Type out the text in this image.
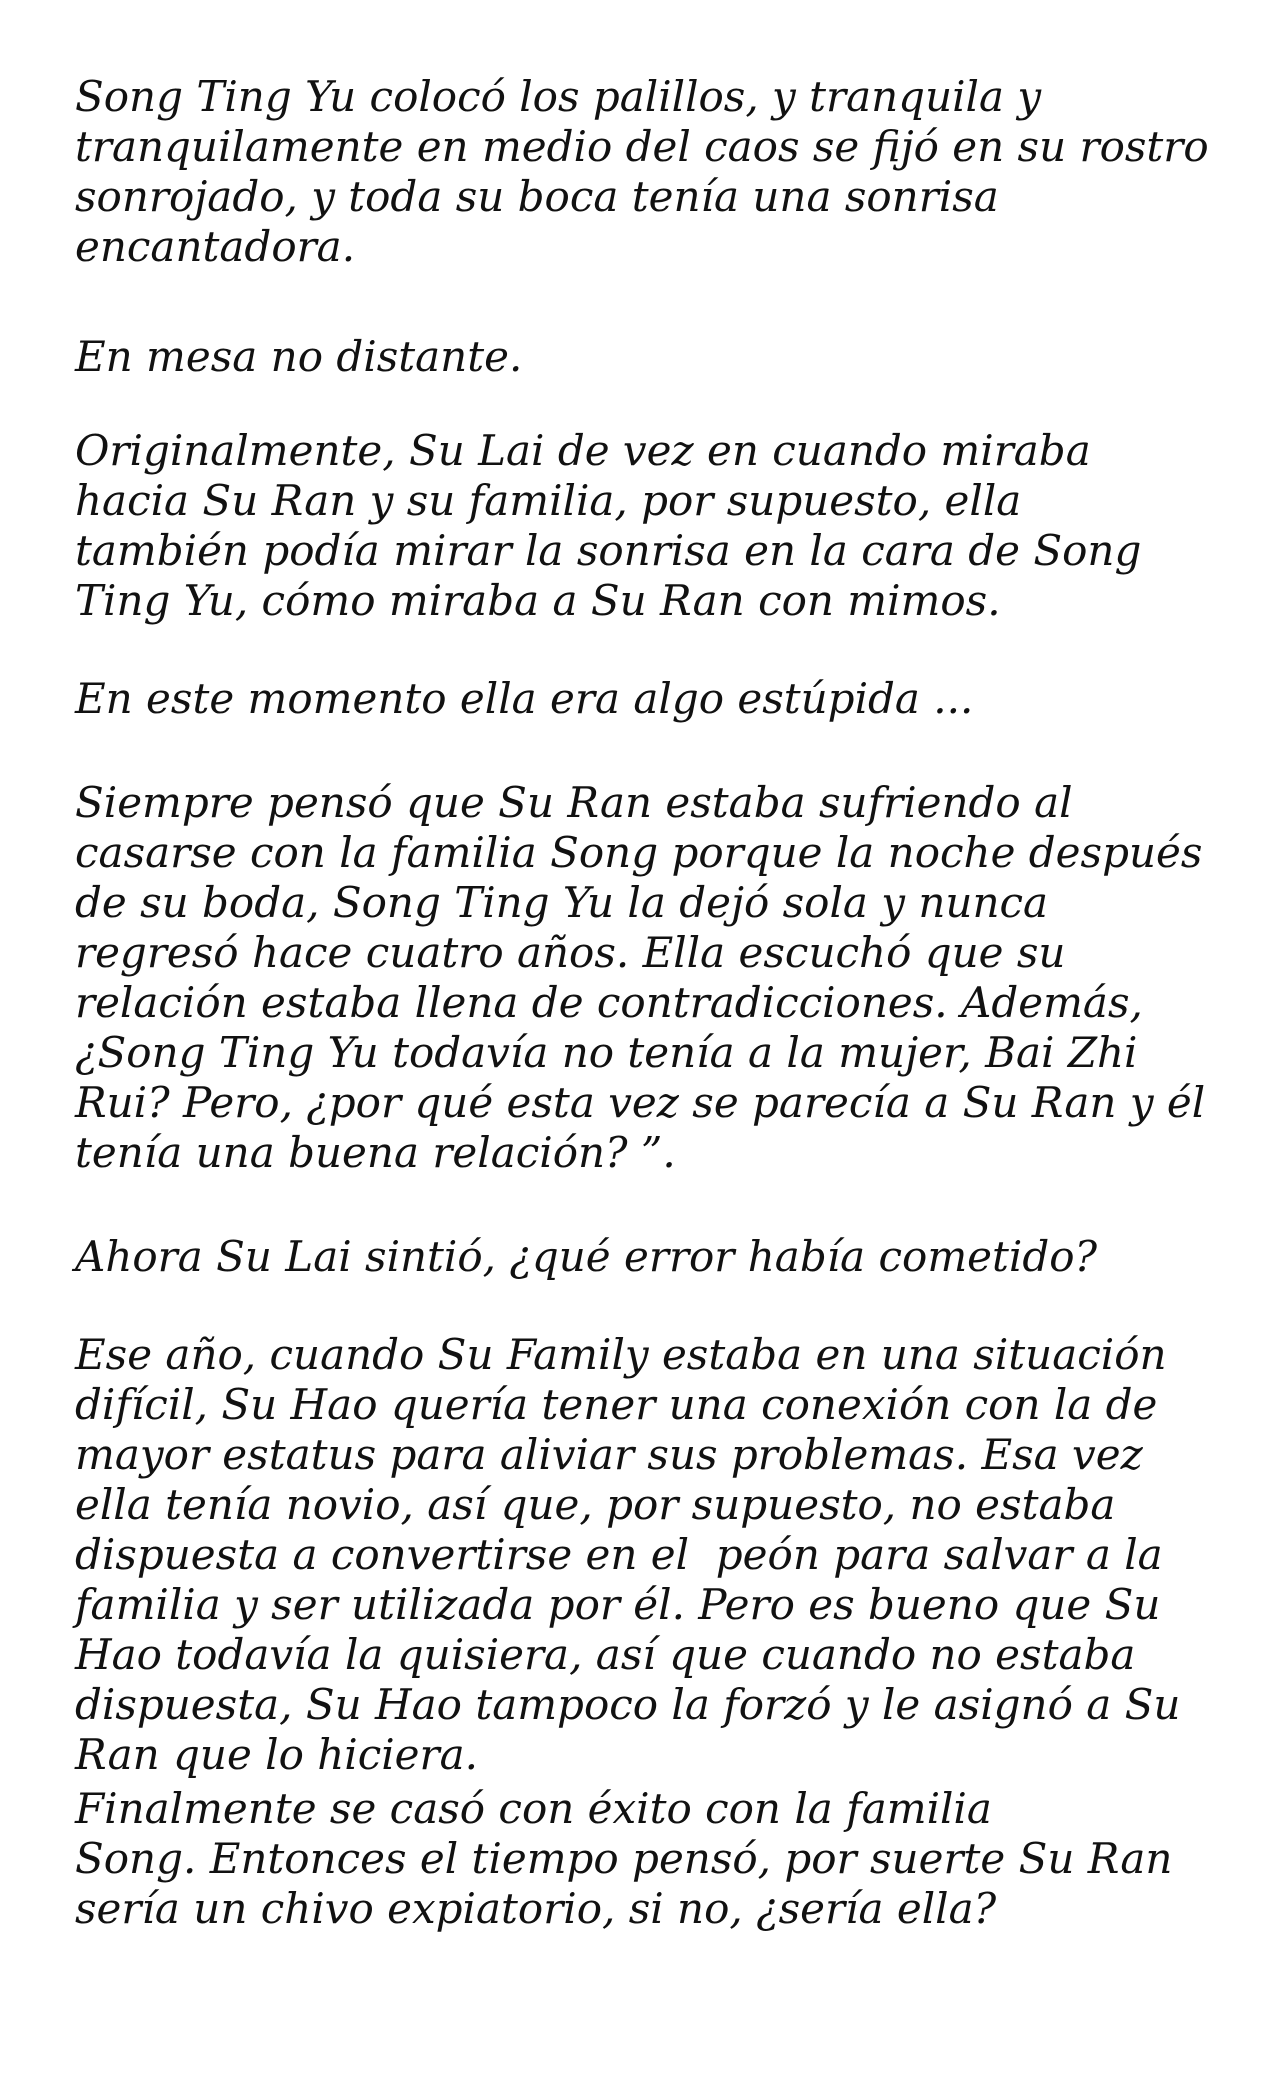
Song Ting Yu colocó los palillos, y tranquila y
tranquilamente en medio del caos se fijó en su rostro
sonrojado, y toda su boca tenía una sonrisa
encantadora.

En mesa no distante.

Originalmente, Su Lai de vez en cuando miraba
hacia Su Ran y su familia, por supuesto, ella
también podía mirar la sonrisa en la cara de Song
Ting Yu, cómo miraba a Su Ran con mimos.

En este momento ella era algo estúpida ...

Siempre pensó que Su Ran estaba sufriendo al
casarse con la familia Song porque la noche después
de su boda, Song Ting Yu la dejó sola y nunca
regresó hace cuatro años. Ella escuchó que su
relación estaba llena de contradicciones. Además,
¿Song Ting Yu todavía no tenía a la mujer, Bai Zhi
Rui? Pero, ¿por qué esta vez se parecía a Su Ran y él
tenía una buena relación? ”.

Ahora Su Lai sintió, ¿qué error había cometido?

Ese año, cuando Su Family estaba en una situación
difícil, Su Hao quería tener una conexión con la de
mayor estatus para aliviar sus problemas. Esa vez
ella tenía novio, así que, por supuesto, no estaba
dispuesta a convertirse en el  peón para salvar a la
familia y ser utilizada por él. Pero es bueno que Su
Hao todavía la quisiera, así que cuando no estaba
dispuesta, Su Hao tampoco la forzó y le asignó a Su
Ran que lo hiciera.

Finalmente se casó con éxito con la familia
Song. Entonces el tiempo pensó, por suerte Su Ran
sería un chivo expiatorio, si no, ¿sería ella?
